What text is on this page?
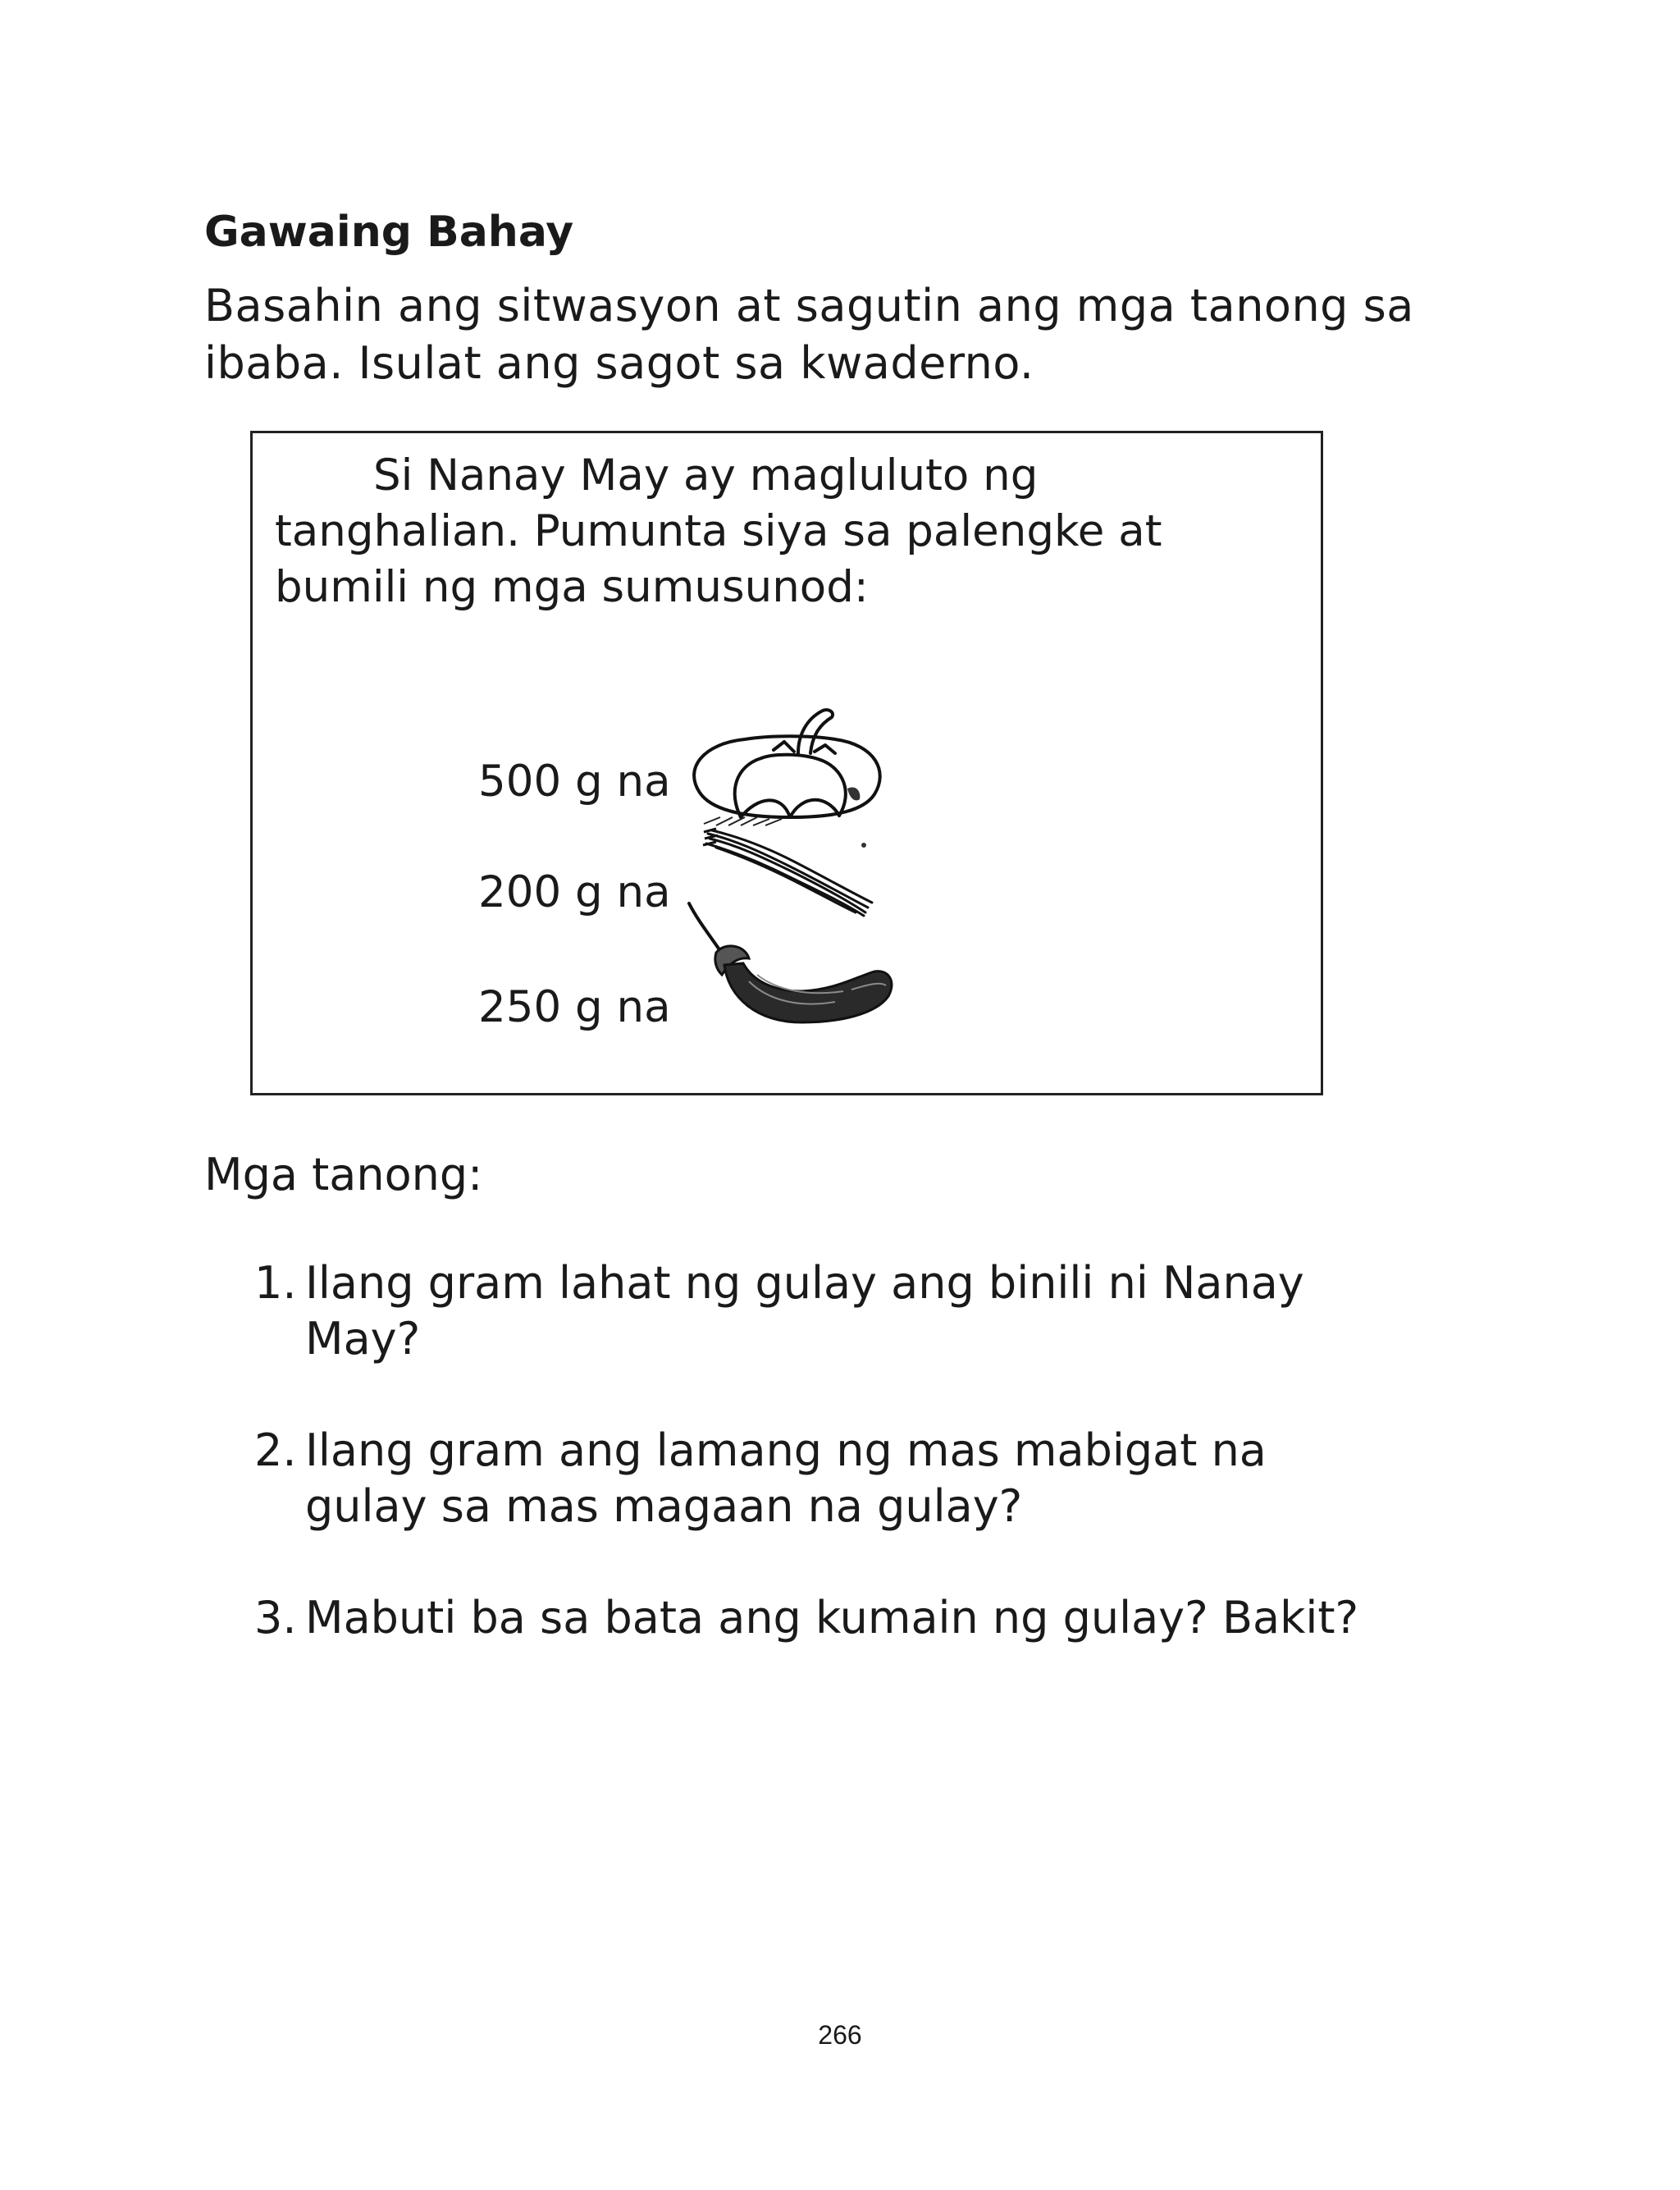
Gawaing Bahay

Basahin ang sitwasyon at sagutin ang mga tanong sa ibaba. Isulat ang sagot sa kwaderno.

Si Nanay May ay magluluto ng tanghalian. Pumunta siya sa palengke at bumili ng mga sumusunod:

500 g na
200 g na
250 g na

Mga tanong:

1. Ilang gram lahat ng gulay ang binili ni Nanay May?
2. Ilang gram ang lamang ng mas mabigat na gulay sa mas magaan na gulay?
3. Mabuti ba sa bata ang kumain ng gulay? Bakit?
266
